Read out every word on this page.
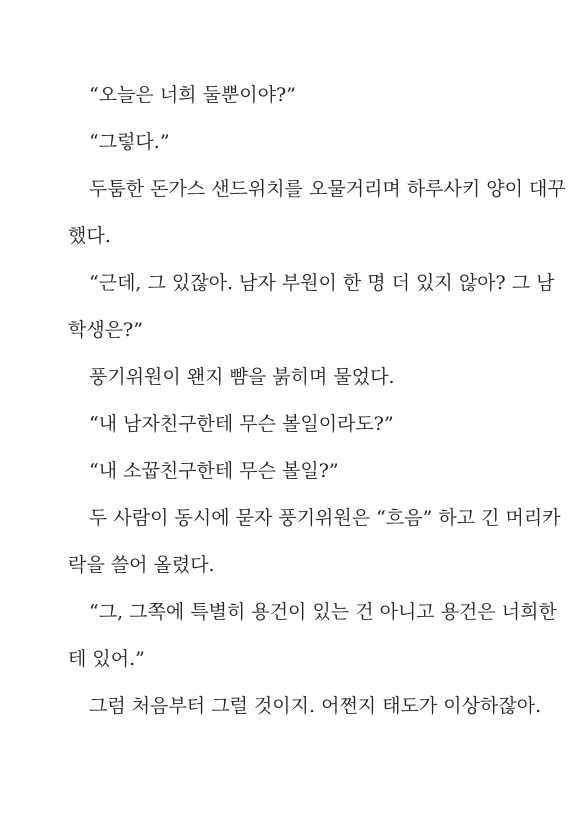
“오늘은 너희 둘뿐이야?”
“그렇다.”
두툼한 돈가스 샌드위치를 오물거리며 하루사키 양이 대꾸
했다.
“근데, 그 있잖아. 남자 부원이 한 명 더 있지 않아? 그 남
학생은?”
풍기위원이 왠지 뺨을 붉히며 물었다.
“내 남자친구한테 무슨 볼일이라도?”
“내 소꿉친구한테 무슨 볼일?”
두 사람이 동시에 묻자 풍기위원은 “흐음” 하고 긴 머리카
락을 쓸어 올렸다.
“그, 그쪽에 특별히 용건이 있는 건 아니고 용건은 너희한
테 있어.”
그럼 처음부터 그럴 것이지. 어쩐지 태도가 이상하잖아.
